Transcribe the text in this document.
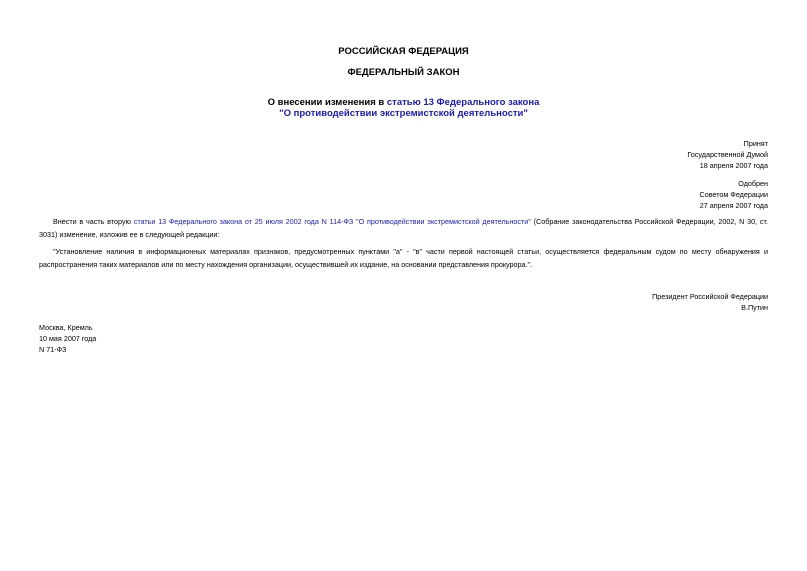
РОССИЙСКАЯ ФЕДЕРАЦИЯ
ФЕДЕРАЛЬНЫЙ ЗАКОН
О внесении изменения в статью 13 Федерального закона
"О противодействии экстремистской деятельности"
Принят
Государственной Думой
18 апреля 2007 года
Одобрен
Советом Федерации
27 апреля 2007 года
Внести в часть вторую статьи 13 Федерального закона от 25 июля 2002 года N 114-ФЗ "О противодействии экстремистской деятельности" (Собрание законодательства Российской Федерации, 2002, N 30, ст. 3031) изменение, изложив ее в следующей редакции:
"Установление наличия в информационных материалах признаков, предусмотренных пунктами "а" - "в" части первой настоящей статьи, осуществляется федеральным судом по месту обнаружения и распространения таких материалов или по месту нахождения организации, осуществившей их издание, на основании представления прокурора.".
Президент Российской Федерации
В.Путин
Москва, Кремль
10 мая 2007 года
N 71-ФЗ
